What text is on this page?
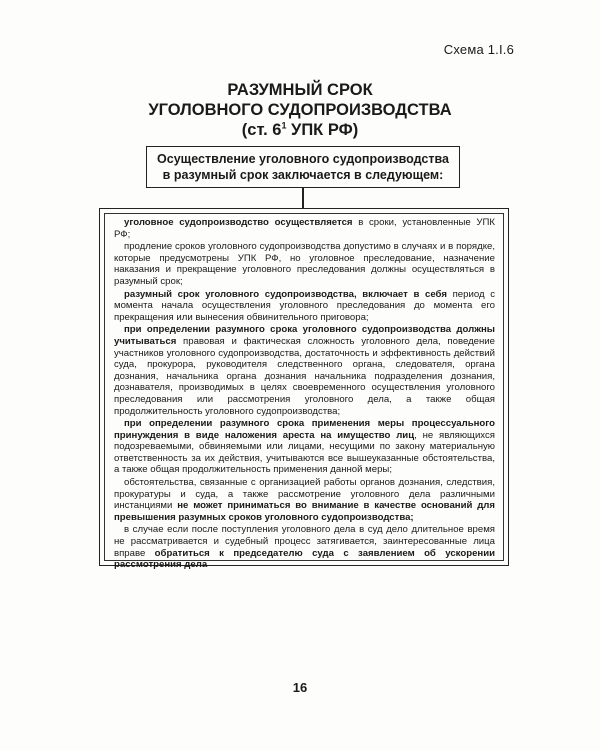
Схема 1.I.6
РАЗУМНЫЙ СРОК
УГОЛОВНОГО СУДОПРОИЗВОДСТВА
(ст. $6^1$ УПК РФ)
Осуществление уголовного судопроизводства
в разумный срок заключается в следующем:

уголовное судопроизводство осуществляется в сроки, установленные УПК РФ;

продление сроков уголовного судопроизводства допустимо в случаях и в порядке, которые предусмотрены УПК РФ, но уголовное преследование, назначение наказания и прекращение уголовного преследования должны осуществляться в разумный срок;

разумный срок уголовного судопроизводства, включает в себя период с момента начала осуществления уголовного преследования до момента его прекращения или вынесения обвинительного приговора;

при определении разумного срока уголовного судопроизводства должны учитываться правовая и фактическая сложность уголовного дела, поведение участников уголовного судопроизводства, достаточность и эффективность действий суда, прокурора, руководителя следственного органа, следователя, органа дознания, начальника органа дознания начальника подразделения дознания, дознавателя, производимых в целях своевременного осуществления уголовного преследования или рассмотрения уголовного дела, а также общая продолжительность уголовного судопроизводства;

при определении разумного срока применения меры процессуального принуждения в виде наложения ареста на имущество лиц, не являющихся подозреваемыми, обвиняемыми или лицами, несущими по закону материальную ответственность за их действия, учитываются все вышеуказанные обстоятельства, а также общая продолжительность применения данной меры;

обстоятельства, связанные с организацией работы органов дознания, следствия, прокуратуры и суда, а также рассмотрение уголовного дела различными инстанциями не может приниматься во внимание в качестве оснований для превышения разумных сроков уголовного судопроизводства;

в случае если после поступления уголовного дела в суд дело длительное время не рассматривается и судебный процесс затягивается, заинтересованные лица вправе обратиться к председателю суда с заявлением об ускорении рассмотрения дела

16
